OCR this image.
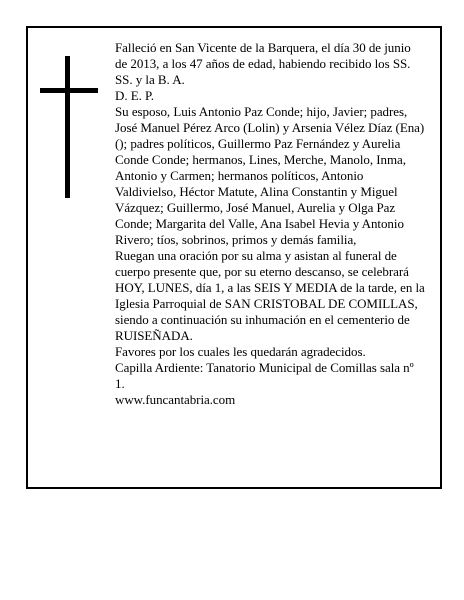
Falleció en San Vicente de la Barquera, el día 30 de junio de 2013, a los 47 años de edad, habiendo recibido los SS. SS. y la B. A.

D. E. P.

Su esposo, Luis Antonio Paz Conde; hijo, Javier; padres, José Manuel Pérez Arco (Lolin) y Arsenia Vélez Díaz (Ena) (); padres políticos, Guillermo Paz Fernández y Aurelia Conde Conde; hermanos, Lines, Merche, Manolo, Inma, Antonio y Carmen; hermanos políticos, Antonio Valdivielso, Héctor Matute, Alina Constantin y Miguel Vázquez; Guillermo, José Manuel, Aurelia y Olga Paz Conde; Margarita del Valle, Ana Isabel Hevia y Antonio Rivero; tíos, sobrinos, primos y demás familia,

Ruegan una oración por su alma y asistan al funeral de cuerpo presente que, por su eterno descanso, se celebrará HOY, LUNES, día 1, a las SEIS Y MEDIA de la tarde, en la Iglesia Parroquial de SAN CRISTOBAL DE COMILLAS, siendo a continuación su inhumación en el cementerio de RUISEÑADA.

Favores por los cuales les quedarán agradecidos.

Capilla Ardiente: Tanatorio Municipal de Comillas sala nº 1.

www.funcantabria.com
